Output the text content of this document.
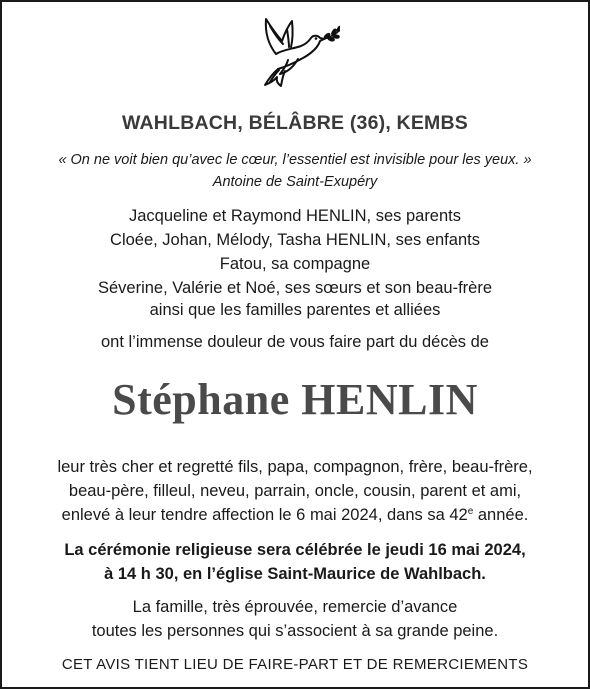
WAHLBACH, BÉLÂBRE (36), KEMBS
« On ne voit bien qu’avec le cœur, l’essentiel est invisible pour les yeux. »
Antoine de Saint-Exupéry
Jacqueline et Raymond HENLIN, ses parents
Cloée, Johan, Mélody, Tasha HENLIN, ses enfants
Fatou, sa compagne
Séverine, Valérie et Noé, ses sœurs et son beau-frère
ainsi que les familles parentes et alliées
ont l’immense douleur de vous faire part du décès de
Stéphane HENLIN
leur très cher et regretté fils, papa, compagnon, frère, beau-frère,
beau-père, filleul, neveu, parrain, oncle, cousin, parent et ami,
enlevé à leur tendre affection le 6 mai 2024, dans sa 42e année.
La cérémonie religieuse sera célébrée le jeudi 16 mai 2024,
à 14 h 30, en l’église Saint-Maurice de Wahlbach.
La famille, très éprouvée, remercie d’avance
toutes les personnes qui s’associent à sa grande peine.
CET AVIS TIENT LIEU DE FAIRE-PART ET DE REMERCIEMENTS
